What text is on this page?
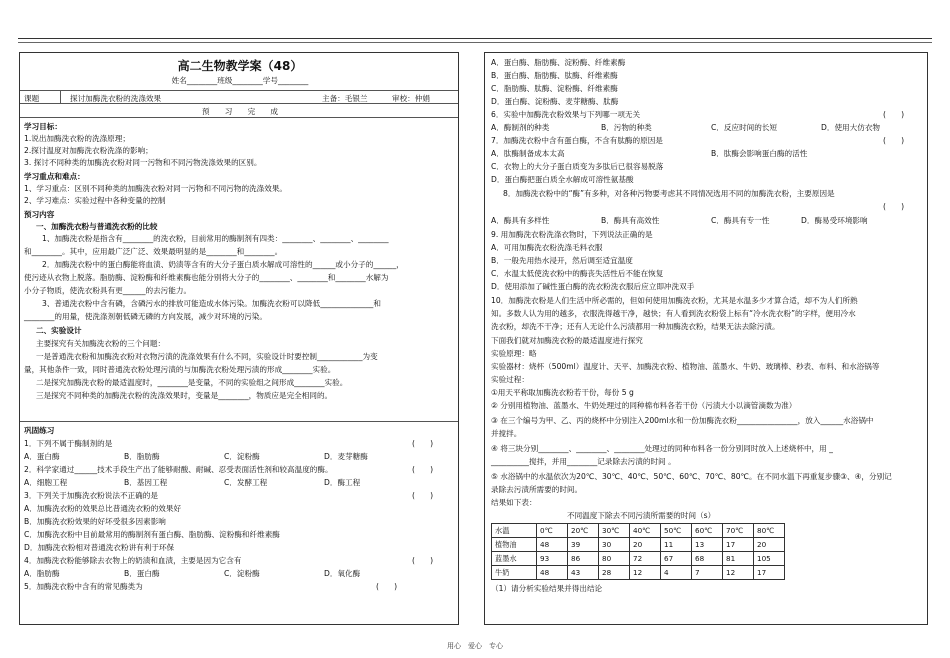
高二生物教学案（48）
姓名________班级________学号________
课题	探讨加酶洗衣粉的洗涤效果	主备：毛银兰	审校：仲娟
预　　习　　完　　成
学习目标：
1.说出加酶洗衣粉的洗涤原理；
2.探讨温度对加酶洗衣粉洗涤的影响；
3. 探讨不同种类的加酶洗衣粉对同一污物和不同污物洗涤效果的区别。
学习重点和难点：
1、学习重点：区别不同种类的加酶洗衣粉对同一污物和不同污物的洗涤效果。
2、学习难点：实验过程中各种变量的控制
预习内容
一、加酶洗衣粉与普通洗衣粉的比较
1、加酶洗衣粉是指含有________的洗衣粉，目前常用的酶制剂有四类：________、________、________
和________。其中，应用最广泛广泛、效果最明显的是________和________。
2．加酶洗衣粉中的蛋白酶能将血渍、奶渍等含有的大分子蛋白质水解成可溶性的______或小分子的______，
使污迹从衣物上脱落。脂肪酶、淀粉酶和纤维素酶也能分别将大分子的________、________和________水解为
小分子物质，使洗衣粉具有更______的去污能力。
3、普通洗衣粉中含有磷，含磷污水的排放可能造成水体污染。加酶洗衣粉可以降低______________和
________的用量，使洗涤剂朝低磷无磷的方向发展，减少对环境的污染。
二、实验设计
主要探究有关加酶洗衣粉的三个问题：
一是普通洗衣粉和加酶洗衣粉对衣物污渍的洗涤效果有什么不同，实验设计时要控制____________为变
量，其他条件一致，同时普通洗衣粉处理污渍的与加酶洗衣粉处理污渍的形成________实验。
二是探究加酶洗衣粉的最适温度时，________是变量，不同的实验组之间形成________实验。
三是探究不同种类的加酶洗衣粉的洗涤效果时，变量是________，物质应是完全相同的。
巩固练习
1．下列不属于酶制剂的是	(　　)
A．蛋白酶	B．脂肪酶	C．淀粉酶	D．麦芽糖酶
2．科学家通过______技术手段生产出了能够耐酸、耐碱、忍受表面活性剂和较高温度的酶。	(　　)
A．细胞工程	B．基因工程	C．发酵工程	D．酶工程
3．下列关于加酶洗衣粉说法不正确的是	(　　)
A．加酶洗衣粉的效果总比普通洗衣粉的效果好
B．加酶洗衣粉效果的好坏受很多因素影响
C．加酶洗衣粉中目前最常用的酶制剂有蛋白酶、脂肪酶、淀粉酶和纤维素酶
D．加酶洗衣粉相对普通洗衣粉讲有利于环保
4．加酶洗衣粉能够除去衣物上的奶渍和血渍，主要是因为它含有	(　　)
A．脂肪酶	B．蛋白酶	C．淀粉酶	D．氧化酶
5．加酶洗衣粉中含有的常见酶类为	(　　)
A．蛋白酶、脂肪酶、淀粉酶、纤维素酶
B．蛋白酶、脂肪酶、肽酶、纤维素酶
C．脂肪酶、肽酶、淀粉酶、纤维素酶
D．蛋白酶、淀粉酶、麦芽糖酶、肽酶
6．实验中加酶洗衣粉效果与下列哪一项无关	(　　)
A．酶制剂的种类	B．污物的种类	C．反应时间的长短	D．使用大仿衣物
7．加酶洗衣粉中含有蛋白酶，不含有肽酶的原因是	(　　)
A．肽酶制备成本太高	B．肽酶会影响蛋白酶的活性
C．衣物上的大分子蛋白质变为多肽后已很容易脱落
D．蛋白酶把蛋白质全水解成可溶性氨基酸
8．加酶洗衣粉中的“酶”有多种，对各种污物要考虑其不同情况选用不同的加酶洗衣粉，主要原因是
(　　)
A．酶具有多样性	B．酶具有高效性	C．酶具有专一性	D．酶易受环境影响
9. 用加酶洗衣粉洗涤衣物时，下列说法正确的是
A．可用加酶洗衣粉洗涤毛料衣服
B．一般先用热水浸开，然后调至适宜温度
C．水温太低使洗衣粉中的酶丧失活性后不能在恢复
D．使用添加了碱性蛋白酶的洗衣粉洗衣服后应立即冲洗双手
10．加酶洗衣粉是人们生活中所必需的，但如何使用加酶洗衣粉，尤其是水温多少才算合适，却不为人们所熟
知。多数人认为用的越多，衣服洗得越干净，越快；有人看到洗衣粉袋上标有“冷水洗衣粉”的字样，便用冷水
洗衣粉，却洗不干净；还有人无论什么污渍都用一种加酶洗衣粉，结果无法去除污渍。
下面我们就对加酶洗衣粉的最适温度进行探究
实验原理：略
实验器材：烧杯（500ml）温度计、天平、加酶洗衣粉、植物油、蓝墨水、牛奶、玻璃棒、秒表、布料、和水浴锅等
实验过程：
①用天平称取加酶洗衣粉若干份，每份 5 g
② 分别用植物油、蓝墨水、牛奶处理过的同种棉布料各若干份（污渍大小以滴管滴数为准）
③ 在三个编号为甲、乙、丙的烧杯中分别注入200ml水和一份加酶洗衣粉________________，放入______水浴锅中
并搅拌。
④ 将三块分别________、________、________处理过的同种布料各一份分别同时放入上述烧杯中，用 _
__________搅拌，并用________记录除去污渍的时间 。
⑤ 水浴锅中的水温依次为20℃、30℃、40℃、50℃、60℃、70℃、80℃。在不同水温下再重复步骤③、④，分别记
录除去污渍所需要的时间。
结果如下表：
不同温度下除去不同污渍所需要的时间（s）
水温	0℃	20℃	30℃	40℃	50℃	60℃	70℃	80℃
植物油	48	39	30	20	11	13	17	20
蓝墨水	93	86	80	72	67	68	81	105
牛奶	48	43	28	12	4	7	12	17
（1）请分析实验结果并得出结论
用心　爱心　专心
